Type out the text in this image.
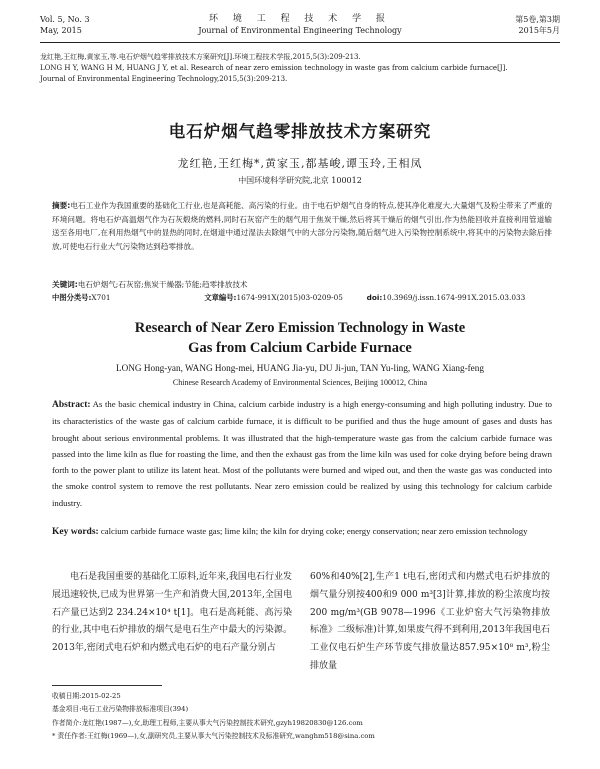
Vol. 5, No. 3
May, 2015
环 境 工 程 技 术 学 报
Journal of Environmental Engineering Technology
第5卷,第3期
2015年5月

龙红艳,王红梅,黄家玉,等.电石炉烟气趋零排放技术方案研究[J].环境工程技术学报,2015,5(3):209-213.

LONG H Y, WANG H M, HUANG J Y, et al. Research of near zero emission technology in waste gas from calcium carbide furnace[J].

Journal of Environmental Engineering Technology,2015,5(3):209-213.

电石炉烟气趋零排放技术方案研究
龙红艳,王红梅*,黄家玉,都基峻,谭玉玲,王相凤
中国环境科学研究院,北京 100012

摘要:电石工业作为我国重要的基础化工行业,也是高耗能、高污染的行业。由于电石炉烟气自身的特点,使其净化难度大,大量烟气及粉尘带来了严重的环境问题。将电石炉高温烟气作为石灰煅烧的燃料,同时石灰窑产生的烟气用于焦炭干燥,然后将其干燥后的烟气引出,作为热能回收并直接利用管道输送至各用电厂,在利用热烟气中的显热的同时,在烟道中通过湿法去除烟气中的大部分污染物,随后烟气进入污染物控制系统中,将其中的污染物去除后排放,可使电石行业大气污染物达到趋零排放。

关键词:电石炉烟气;石灰窑;焦炭干燥器;节能;趋零排放技术
中图分类号:X701	文章编号:1674-991X(2015)03-0209-05	doi:10.3969/j.issn.1674-991X.2015.03.033
Research of Near Zero Emission Technology in Waste
Gas from Calcium Carbide Furnace
LONG Hong-yan, WANG Hong-mei, HUANG Jia-yu, DU Ji-jun, TAN Yu-ling, WANG Xiang-feng
Chinese Research Academy of Environmental Sciences, Beijing 100012, China

Abstract: As the basic chemical industry in China, calcium carbide industry is a high energy-consuming and high polluting industry. Due to its characteristics of the waste gas of calcium carbide furnace, it is difficult to be purified and thus the huge amount of gases and dusts has brought about serious environmental problems. It was illustrated that the high-temperature waste gas from the calcium carbide furnace was passed into the lime kiln as flue for roasting the lime, and then the exhaust gas from the lime kiln was used for coke drying before being drawn forth to the power plant to utilize its latent heat. Most of the pollutants were burned and wiped out, and then the waste gas was conducted into the smoke control system to remove the rest pollutants. Near zero emission could be realized by using this technology for calcium carbide industry.

Key words: calcium carbide furnace waste gas; lime kiln; the kiln for drying coke; energy conservation; near zero emission technology

电石是我国重要的基础化工原料,近年来,我国电石行业发展迅速较快,已成为世界第一生产和消费大国,2013年,全国电石产量已达到2 234.24×10⁴ t[1]。电石是高耗能、高污染的行业,其中电石炉排放的烟气是电石生产中最大的污染源。2013年,密闭式电石炉和内燃式电石炉的电石产量分别占

60%和40%[2],生产1 t电石,密闭式和内燃式电石炉排放的烟气量分别按400和9 000 m³[3]计算,排放的粉尘浓度均按200 mg/m³(GB 9078—1996《工业炉窑大气污染物排放标准》二级标准)计算,如果废气得不到利用,2013年我国电石工业仅电石炉生产环节废气排放量达857.95×10⁸ m³,粉尘排放量

收稿日期:2015-02-25

基金项目:电石工业污染物排放标准项目(394)

作者简介:龙红艳(1987—),女,助理工程师,主要从事大气污染控制技术研究,gzyh19820830@126.com

* 责任作者:王红梅(1969—),女,副研究员,主要从事大气污染控制技术及标准研究,wanghm518@sina.com
